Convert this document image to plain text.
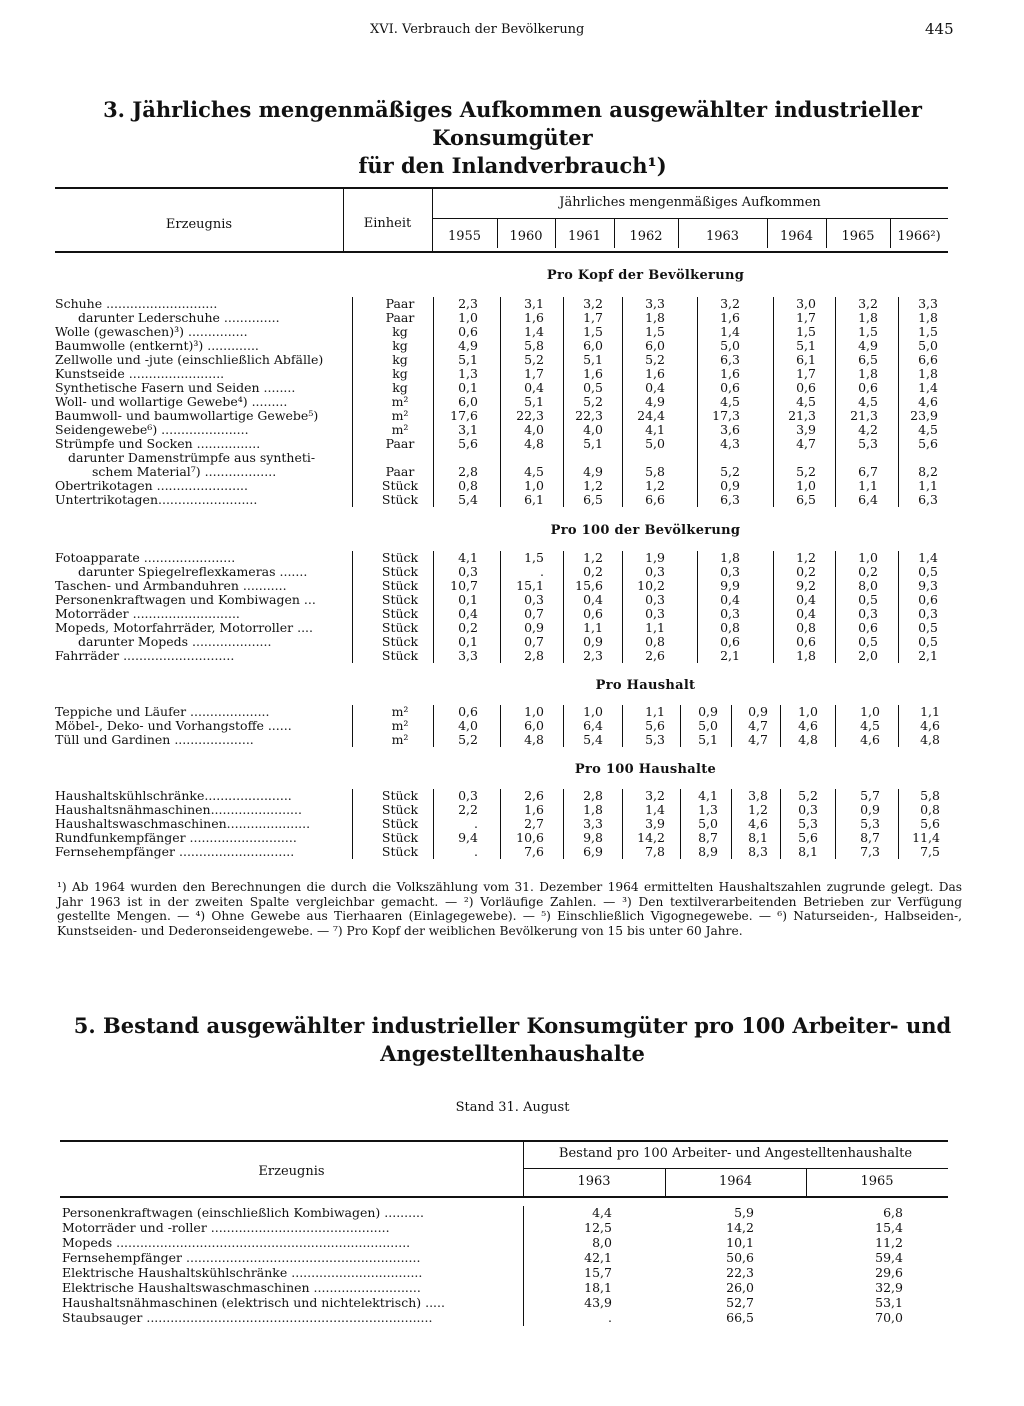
XVI. Verbrauch der Bevölkerung	445
3. Jährliches mengenmäßiges Aufkommen ausgewählter industrieller Konsumgüter
für den Inlandverbrauch¹)
Erzeugnis	Einheit
Jährliches mengenmäßiges Aufkommen
1955	1960	1961	1962	1963	1964	1965	1966²)
Pro Kopf der Bevölkerung
Schuhe ............................	Paar	2,3	3,1	3,2	3,3	3,2	3,0	3,2	3,3
darunter Lederschuhe ..............	Paar	1,0	1,6	1,7	1,8	1,6	1,7	1,8	1,8
Wolle (gewaschen)³) ...............	kg	0,6	1,4	1,5	1,5	1,4	1,5	1,5	1,5
Baumwolle (entkernt)³) .............	kg	4,9	5,8	6,0	6,0	5,0	5,1	4,9	5,0
Zellwolle und -jute (einschließlich Abfälle)	kg	5,1	5,2	5,1	5,2	6,3	6,1	6,5	6,6
Kunstseide ........................	kg	1,3	1,7	1,6	1,6	1,6	1,7	1,8	1,8
Synthetische Fasern und Seiden ........	kg	0,1	0,4	0,5	0,4	0,6	0,6	0,6	1,4
Woll- und wollartige Gewebe⁴) .........	m²	6,0	5,1	5,2	4,9	4,5	4,5	4,5	4,6
Baumwoll- und baumwollartige Gewebe⁵)	m²	17,6	22,3	22,3	24,4	17,3	21,3	21,3	23,9
Seidengewebe⁶) ......................	m²	3,1	4,0	4,0	4,1	3,6	3,9	4,2	4,5
Strümpfe und Socken ................	Paar	5,6	4,8	5,1	5,0	4,3	4,7	5,3	5,6
darunter Damenstrümpfe aus syntheti-
schem Material⁷) ..................	Paar	2,8	4,5	4,9	5,8	5,2	5,2	6,7	8,2
Obertrikotagen .......................	Stück	0,8	1,0	1,2	1,2	0,9	1,0	1,1	1,1
Untertrikotagen.........................	Stück	5,4	6,1	6,5	6,6	6,3	6,5	6,4	6,3
Pro 100 der Bevölkerung
Fotoapparate .......................	Stück	4,1	1,5	1,2	1,9	1,8	1,2	1,0	1,4
darunter Spiegelreflexkameras .......	Stück	0,3	.	0,2	0,3	0,3	0,2	0,2	0,5
Taschen- und Armbanduhren ...........	Stück	10,7	15,1	15,6	10,2	9,9	9,2	8,0	9,3
Personenkraftwagen und Kombiwagen ...	Stück	0,1	0,3	0,4	0,3	0,4	0,4	0,5	0,6
Motorräder ...........................	Stück	0,4	0,7	0,6	0,3	0,3	0,4	0,3	0,3
Mopeds, Motorfahrräder, Motorroller ....	Stück	0,2	0,9	1,1	1,1	0,8	0,8	0,6	0,5
darunter Mopeds ....................	Stück	0,1	0,7	0,9	0,8	0,6	0,6	0,5	0,5
Fahrräder ............................	Stück	3,3	2,8	2,3	2,6	2,1	1,8	2,0	2,1
Pro Haushalt
Teppiche und Läufer ....................	m²	0,6	1,0	1,0	1,1	0,9	0,9	1,0	1,0	1,1
Möbel-, Deko- und Vorhangstoffe ......	m²	4,0	6,0	6,4	5,6	5,0	4,7	4,6	4,5	4,6
Tüll und Gardinen ....................	m²	5,2	4,8	5,4	5,3	5,1	4,7	4,8	4,6	4,8
Pro 100 Haushalte
Haushaltskühlschränke......................	Stück	0,3	2,6	2,8	3,2	4,1	3,8	5,2	5,7	5,8
Haushaltsnähmaschinen.......................	Stück	2,2	1,6	1,8	1,4	1,3	1,2	0,3	0,9	0,8
Haushaltswaschmaschinen.....................	Stück	.	2,7	3,3	3,9	5,0	4,6	5,3	5,3	5,6
Rundfunkempfänger ...........................	Stück	9,4	10,6	9,8	14,2	8,7	8,1	5,6	8,7	11,4
Fernsehempfänger .............................	Stück	.	7,6	6,9	7,8	8,9	8,3	8,1	7,3	7,5
¹) Ab 1964 wurden den Berechnungen die durch die Volkszählung vom 31. Dezember 1964 ermittelten Haushaltszahlen zugrunde gelegt. Das Jahr 1963 ist in der zweiten Spalte vergleichbar gemacht. — ²) Vorläufige Zahlen. — ³) Den textilverarbeitenden Betrieben zur Verfügung gestellte Mengen. — ⁴) Ohne Gewebe aus Tierhaaren (Einlagegewebe). — ⁵) Einschließlich Vigognegewebe. — ⁶) Naturseiden-, Halbseiden-, Kunstseiden- und Dederonseidengewebe. — ⁷) Pro Kopf der weiblichen Bevölkerung von 15 bis unter 60 Jahre.
5. Bestand ausgewählter industrieller Konsumgüter pro 100 Arbeiter- und
Angestelltenhaushalte
Stand 31. August
Erzeugnis
Bestand pro 100 Arbeiter- und Angestelltenhaushalte
1963	1964	1965
Personenkraftwagen (einschließlich Kombiwagen) ..........	4,4	5,9	6,8
Motorräder und -roller .............................................	12,5	14,2	15,4
Mopeds ..........................................................................	8,0	10,1	11,2
Fernsehempfänger ...........................................................	42,1	50,6	59,4
Elektrische Haushaltskühlschränke .................................	15,7	22,3	29,6
Elektrische Haushaltswaschmaschinen ...........................	18,1	26,0	32,9
Haushaltsnähmaschinen (elektrisch und nichtelektrisch) .....	43,9	52,7	53,1
Staubsauger ........................................................................	.	66,5	70,0
